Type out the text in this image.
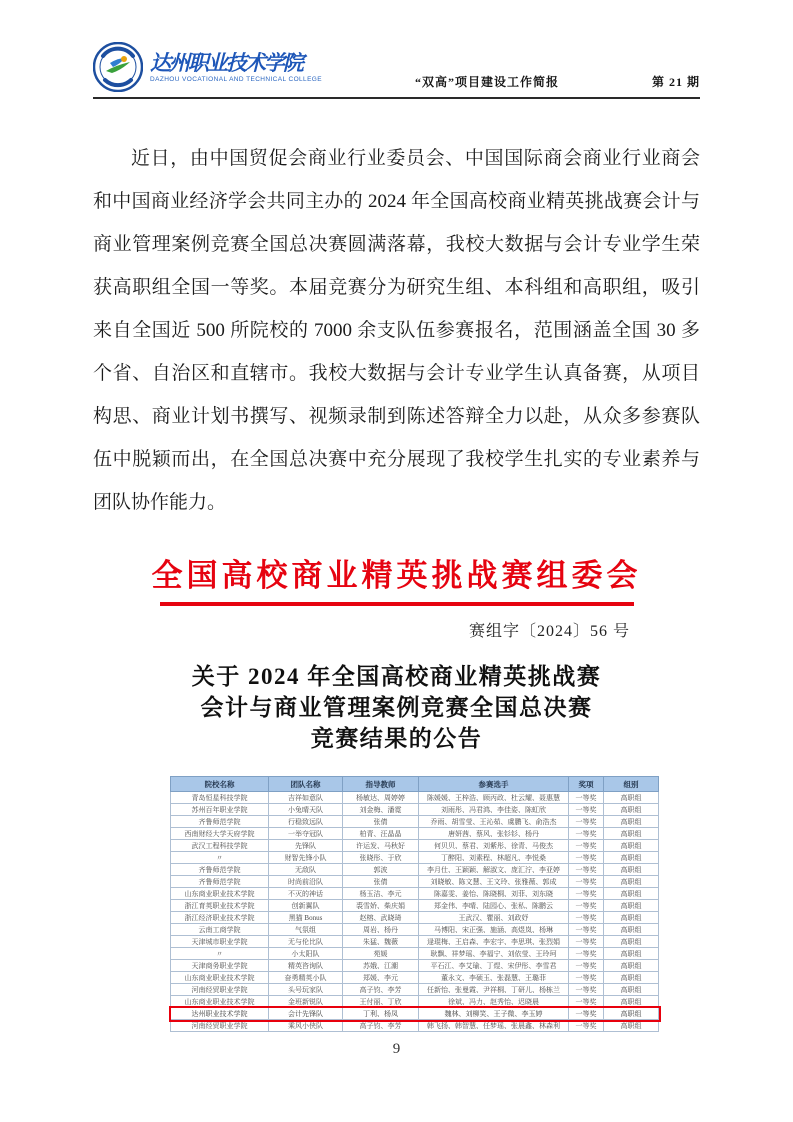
达州职业技术学院
DAZHOU VOCATIONAL AND TECHNICAL COLLEGE	“双高”项目建设工作简报	第 21 期
近日，由中国贸促会商业行业委员会、中国国际商会商业行业商会和中国商业经济学会共同主办的 2024 年全国高校商业精英挑战赛会计与商业管理案例竞赛全国总决赛圆满落幕，我校大数据与会计专业学生荣获高职组全国一等奖。本届竞赛分为研究生组、本科组和高职组，吸引来自全国近 500 所院校的 7000 余支队伍参赛报名，范围涵盖全国 30 多个省、自治区和直辖市。我校大数据与会计专业学生认真备赛，从项目构思、商业计划书撰写、视频录制到陈述答辩全力以赴，从众多参赛队伍中脱颖而出，在全国总决赛中充分展现了我校学生扎实的专业素养与团队协作能力。
全国高校商业精英挑战赛组委会
赛组字〔2024〕56 号
关于 2024 年全国高校商业精英挑战赛
会计与商业管理案例竞赛全国总决赛
竞赛结果的公告
院校名称	团队名称	指导教师	参赛选手	奖项	组别
青岛恒星科技学院	吉祥如意队	杨敏达、周婷婷	陈媛媛、王梓浩、顾丙政、杜云耀、聂惠慧	一等奖	高职组
苏州百年职业学院	小兔晴天队	刘金梅、潘霓	刘雨彤、冯君鸿、李佳姿、陈虹欣	一等奖	高职组
齐鲁师范学院	行稳致远队	张倩	乔雨、胡雪莹、王沁茹、虞鹏飞、俞浩杰	一等奖	高职组
西南财经大学天府学院	一举夺冠队	柏青、汪晶晶	唐妍茜、蔡风、张钐钐、杨丹	一等奖	高职组
武汉工程科技学院	先锋队	许运发、马秋好	何贝贝、蔡君、刘紫彤、徐青、马俊杰	一等奖	高职组
〃	财智先锋小队	张晓彤、于欣	丁醉阳、刘素程、林超凡、李悦桑	一等奖	高职组
齐鲁师范学院	无敌队	郭波	李月仕、王颖颖、解淑文、庞汇泞、李亚婷	一等奖	高职组
齐鲁师范学院	时尚前沿队	张倩	刘晓敏、陈文慧、王文玲、张雅薇、郭成	一等奖	高职组
山东商业职业技术学院	不灭的神话	杨玉洁、李元	陈嘉雯、姜怡、陈晓桐、刘菲、刘东晓	一等奖	高职组
浙江育英职业技术学院	创新翼队	裘雪娇、柴庆娟	郑金伟、李晴、陆园心、张私、陈鹏云	一等奖	高职组
浙江经济职业技术学院	黑猫 Bonus	赵榕、武晓琦	王武汉、瞿丽、刘政妤	一等奖	高职组
云南工商学院	气氛组	周岩、杨丹	马博阳、宋正强、施涵、高煜岚、杨琳	一等奖	高职组
天津城市职业学院	无与伦比队	朱猛、魏薇	逯琨梅、王启森、李宏宇、李思琪、张烈娟	一等奖	高职组
〃	小太阳队	苑媛	耿飘、祥梦瑶、李福宁、刘依莹、王玲珂	一等奖	高职组
天津商务职业学院	精英咨询队	苏娥、江潮	平石江、李艾瑜、丁煜、宋伊彤、李雪君	一等奖	高职组
山东商业职业技术学院	奋勇精英小队	郑媛、李元	董永文、李硕玉、张磊慧、王璐菲	一等奖	高职组
河南经贸职业学院	头号玩家队	高子钧、李芳	任新怡、张曼霞、尹祥桐、丁研儿、杨栋兰	一等奖	高职组
山东商业职业技术学院	金班新锐队	王付丽、丁欣	徐斌、冯力、赵秀怡、迟晓晨	一等奖	高职组
达州职业技术学院	会计先锋队	丁利、杨凤	魏林、刘柳笑、王子微、李玉婷	一等奖	高职组
河南经贸职业学院	乘风小侠队	高子钧、李芳	韩飞扬、韩智慧、任梦瑶、张晨鑫、林森利	一等奖	高职组
9
